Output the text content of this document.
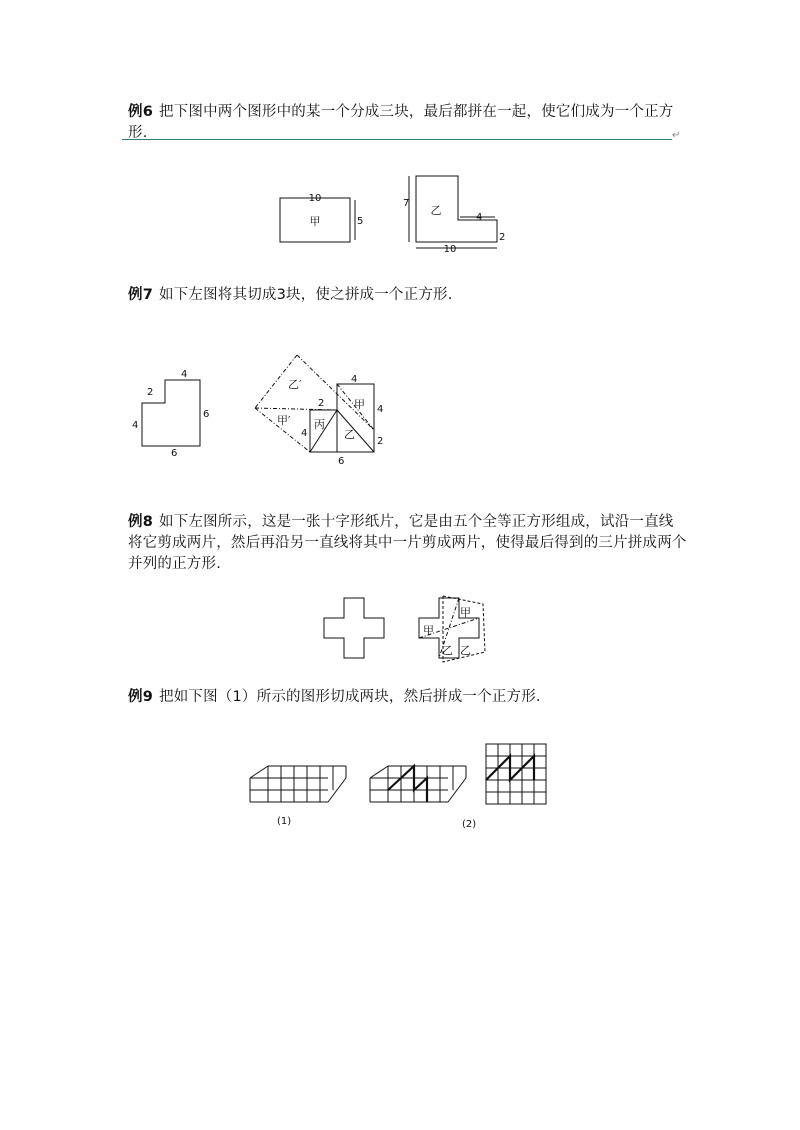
例6 把下图中两个图形中的某一个分成三块，最后都拼在一起，使它们成为一个正方形.	↵
10
5
甲
7
4
10
2
乙
例7 如下左图将其切成3块，使之拼成一个正方形.
4
2
4
6
6
乙′
甲′ 丙
乙
甲
4
2
4
4
2
6
例8 如下左图所示，这是一张十字形纸片，它是由五个全等正方形组成，试沿一直线将它剪成两片，然后再沿另一直线将其中一片剪成两片，使得最后得到的三片拼成两个并列的正方形.
甲
甲
乙 乙
例9 把如下图（1）所示的图形切成两块，然后拼成一个正方形.
(1)	(2)
